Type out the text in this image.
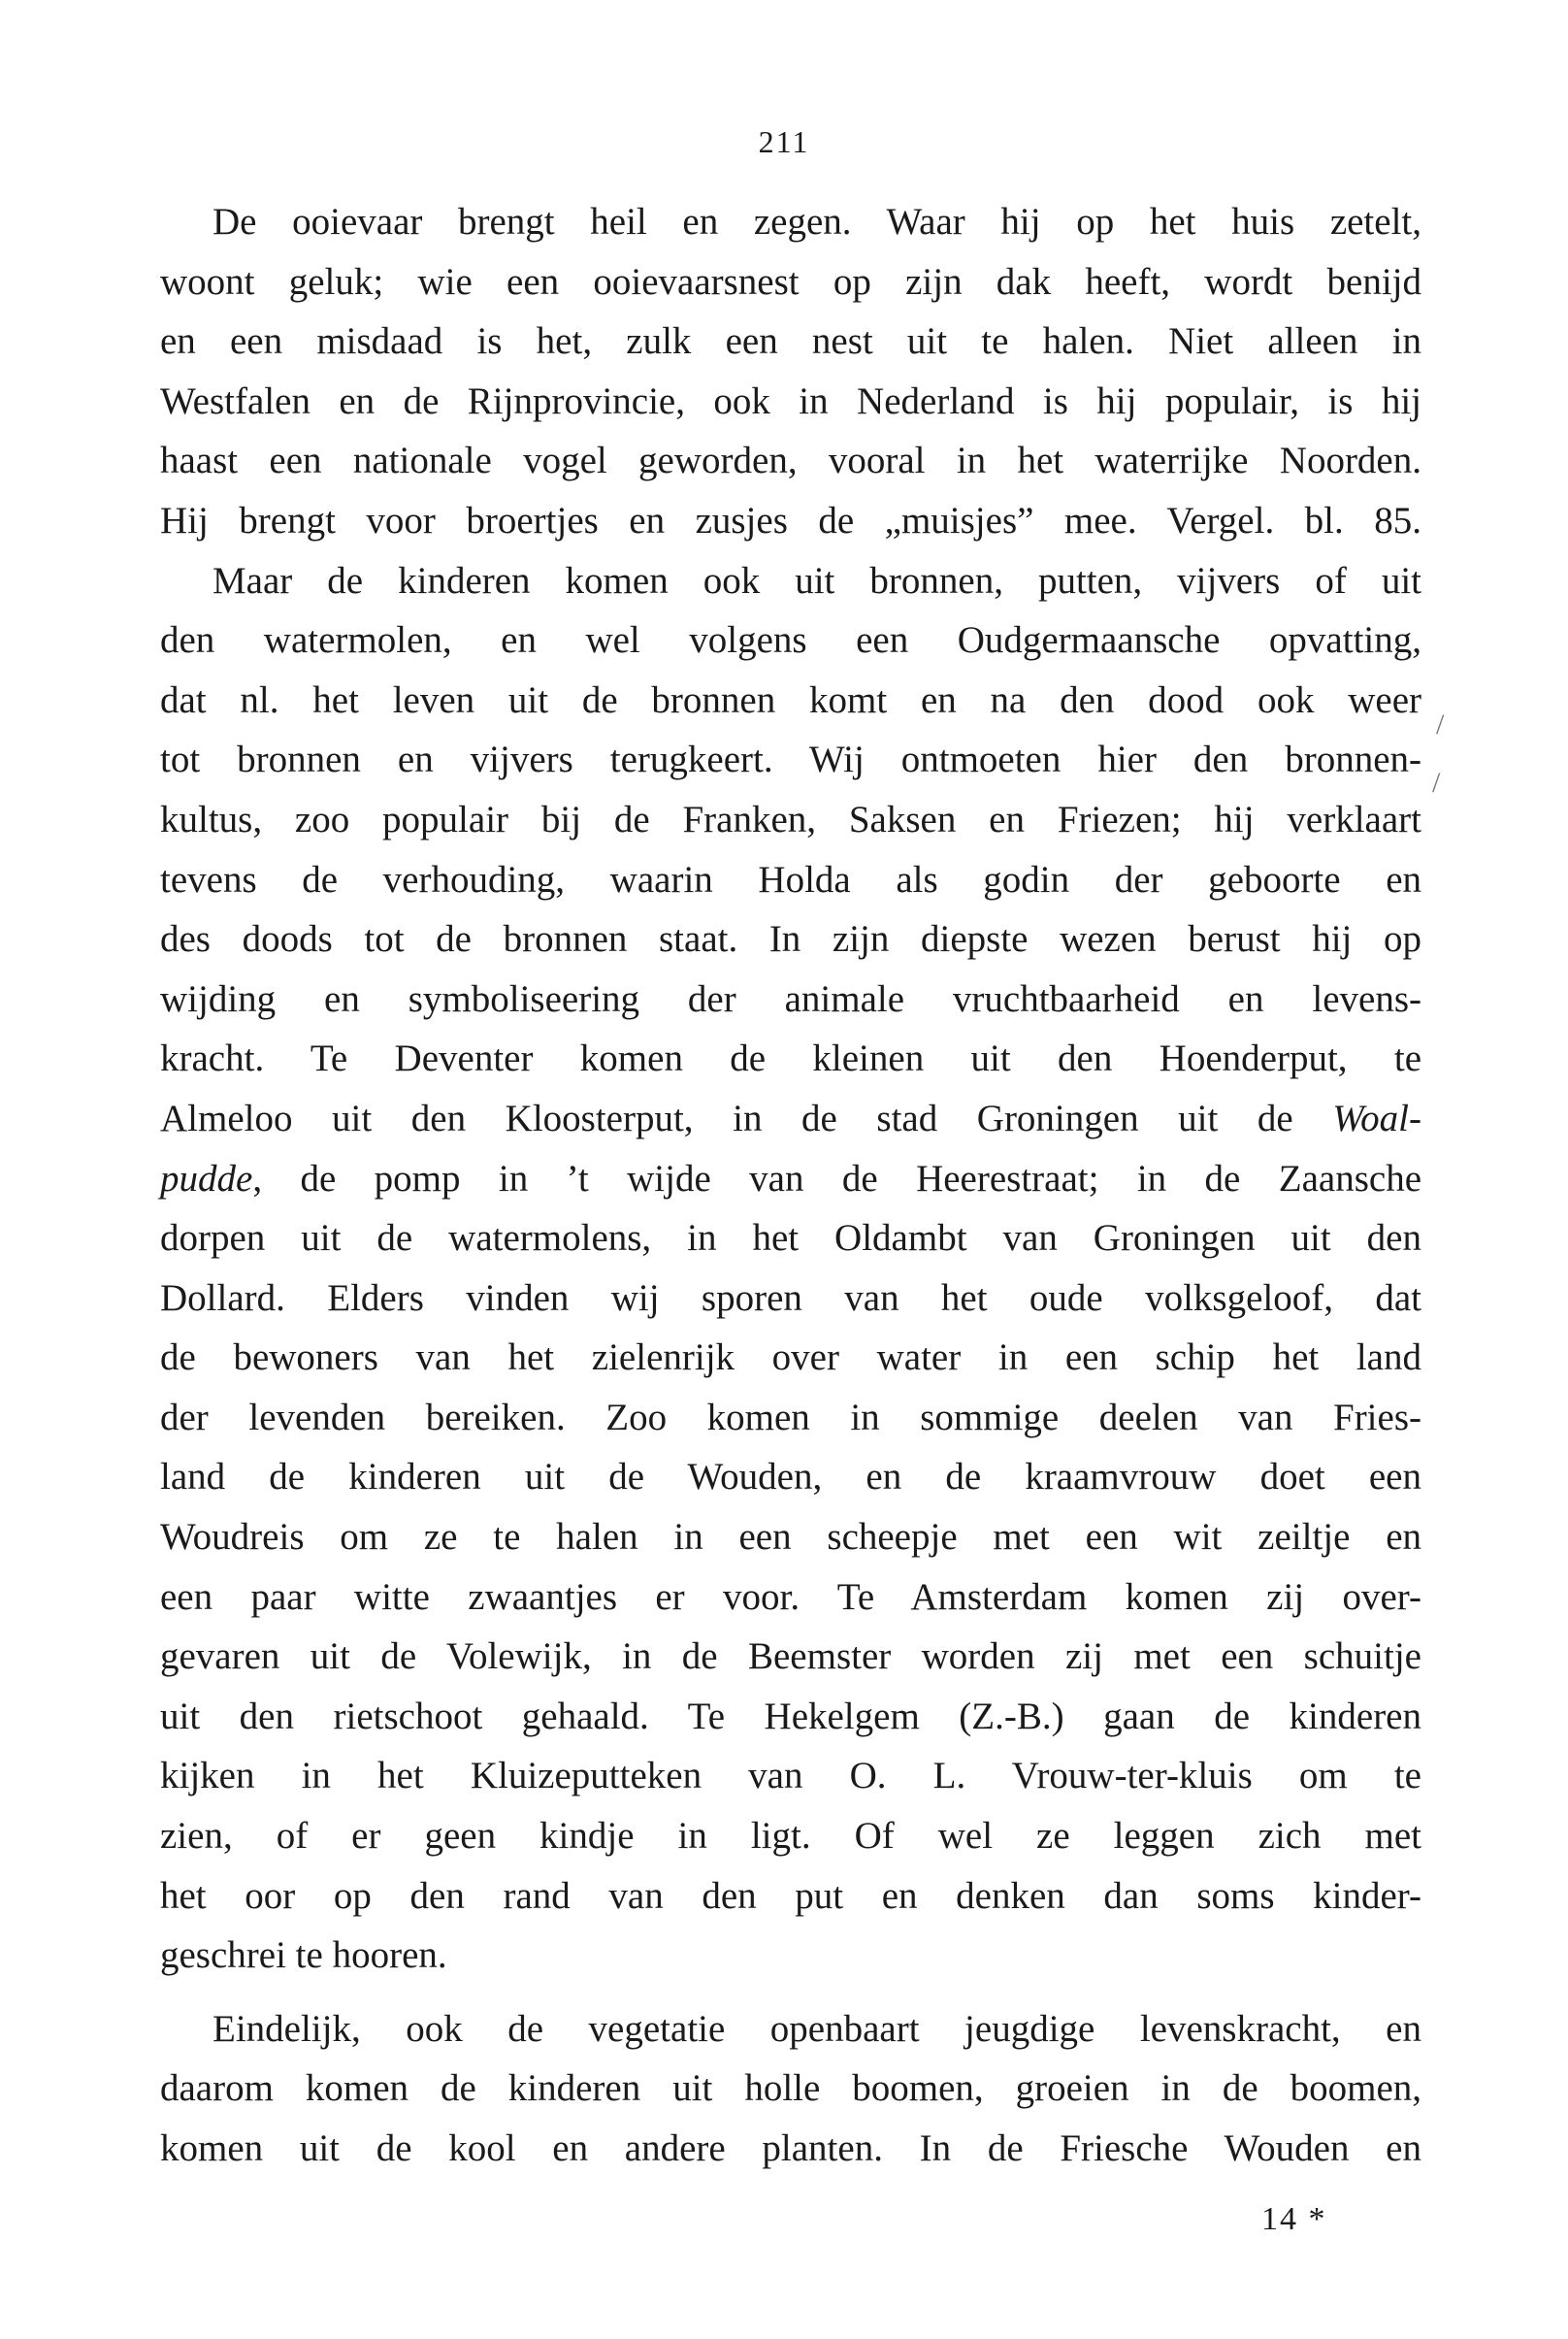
211
De ooievaar brengt heil en zegen. Waar hij op het huis zetelt,
woont geluk; wie een ooievaarsnest op zijn dak heeft, wordt benijd
en een misdaad is het, zulk een nest uit te halen. Niet alleen in
Westfalen en de Rijnprovincie, ook in Nederland is hij populair, is hij
haast een nationale vogel geworden, vooral in het waterrijke Noorden.
Hij brengt voor broertjes en zusjes de „muisjes” mee. Vergel. bl. 85.
Maar de kinderen komen ook uit bronnen, putten, vijvers of uit
den watermolen, en wel volgens een Oudgermaansche opvatting,
dat nl. het leven uit de bronnen komt en na den dood ook weer
tot bronnen en vijvers terugkeert. Wij ontmoeten hier den bronnen-
kultus, zoo populair bij de Franken, Saksen en Friezen; hij verklaart
tevens de verhouding, waarin Holda als godin der geboorte en
des doods tot de bronnen staat. In zijn diepste wezen berust hij op
wijding en symboliseering der animale vruchtbaarheid en levens-
kracht. Te Deventer komen de kleinen uit den Hoenderput, te
Almeloo uit den Kloosterput, in de stad Groningen uit de Woal-
pudde, de pomp in ’t wijde van de Heerestraat; in de Zaansche
dorpen uit de watermolens, in het Oldambt van Groningen uit den
Dollard. Elders vinden wij sporen van het oude volksgeloof, dat
de bewoners van het zielenrijk over water in een schip het land
der levenden bereiken. Zoo komen in sommige deelen van Fries-
land de kinderen uit de Wouden, en de kraamvrouw doet een
Woudreis om ze te halen in een scheepje met een wit zeiltje en
een paar witte zwaantjes er voor. Te Amsterdam komen zij over-
gevaren uit de Volewijk, in de Beemster worden zij met een schuitje
uit den rietschoot gehaald. Te Hekelgem (Z.-B.) gaan de kinderen
kijken in het Kluizeputteken van O. L. Vrouw-ter-kluis om te
zien, of er geen kindje in ligt. Of wel ze leggen zich met
het oor op den rand van den put en denken dan soms kinder-
geschrei te hooren.
Eindelijk, ook de vegetatie openbaart jeugdige levenskracht, en
daarom komen de kinderen uit holle boomen, groeien in de boomen,
komen uit de kool en andere planten. In de Friesche Wouden en
14 *
/
/
